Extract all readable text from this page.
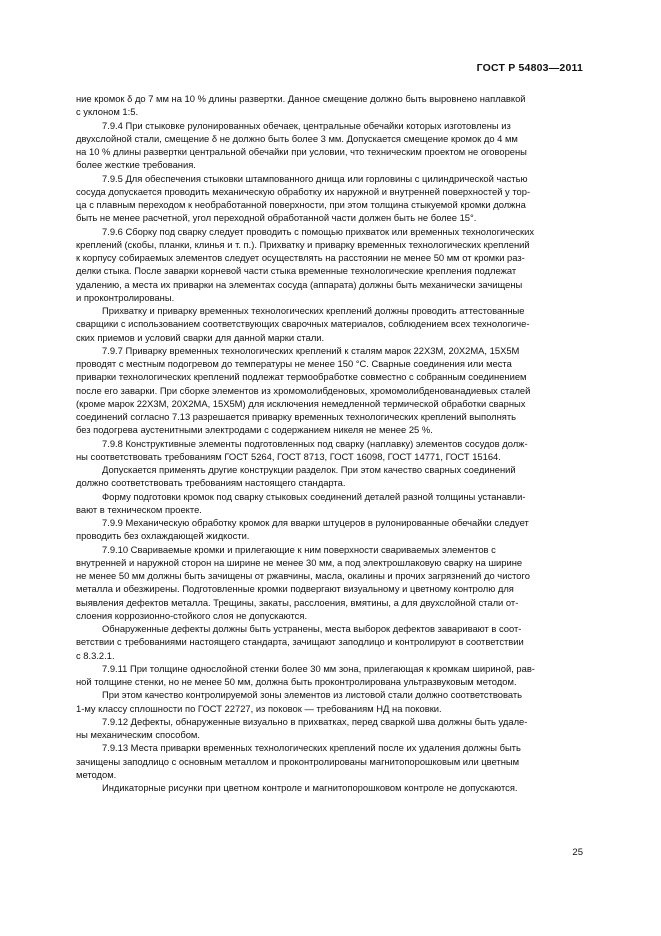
ГОСТ Р 54803—2011

ние кромок δ до 7 мм на 10 % длины развертки. Данное смещение должно быть выровнено наплавкой
с уклоном 1:5.

7.9.4 При стыковке рулонированных обечаек, центральные обечайки которых изготовлены из
двухслойной стали, смещение δ не должно быть более 3 мм. Допускается смещение кромок до 4 мм
на 10 % длины развертки центральной обечайки при условии, что техническим проектом не оговорены
более жесткие требования.

7.9.5 Для обеспечения стыковки штампованного днища или горловины с цилиндрической частью
сосуда допускается проводить механическую обработку их наружной и внутренней поверхностей у тор-
ца с плавным переходом к необработанной поверхности, при этом толщина стыкуемой кромки должна
быть не менее расчетной, угол переходной обработанной части должен быть не более 15°.

7.9.6 Сборку под сварку следует проводить с помощью прихваток или временных технологических
креплений (скобы, планки, клинья и т. п.). Прихватку и приварку временных технологических креплений
к корпусу собираемых элементов следует осуществлять на расстоянии не менее 50 мм от кромки раз-
делки стыка. После заварки корневой части стыка временные технологические крепления подлежат
удалению, а места их приварки на элементах сосуда (аппарата) должны быть механически зачищены
и проконтролированы.

Прихватку и приварку временных технологических креплений должны проводить аттестованные
сварщики с использованием соответствующих сварочных материалов, соблюдением всех технологиче-
ских приемов и условий сварки для данной марки стали.

7.9.7 Приварку временных технологических креплений к сталям марок 22Х3М, 20Х2МА, 15Х5М
проводят с местным подогревом до температуры не менее 150 °С. Сварные соединения или места
приварки технологических креплений подлежат термообработке совместно с собранным соединением
после его заварки. При сборке элементов из хромомолибденовых, хромомолибденованадиевых сталей
(кроме марок 22Х3М, 20Х2МА, 15Х5М) для исключения немедленной термической обработки сварных
соединений согласно 7.13 разрешается приварку временных технологических креплений выполнять
без подогрева аустенитными электродами с содержанием никеля не менее 25 %.

7.9.8 Конструктивные элементы подготовленных под сварку (наплавку) элементов сосудов долж-
ны соответствовать требованиям ГОСТ 5264, ГОСТ 8713, ГОСТ 16098, ГОСТ 14771, ГОСТ 15164.

Допускается применять другие конструкции разделок. При этом качество сварных соединений
должно соответствовать требованиям настоящего стандарта.

Форму подготовки кромок под сварку стыковых соединений деталей разной толщины устанавли-
вают в техническом проекте.

7.9.9 Механическую обработку кромок для вварки штуцеров в рулонированные обечайки следует
проводить без охлаждающей жидкости.

7.9.10 Свариваемые кромки и прилегающие к ним поверхности свариваемых элементов с
внутренней и наружной сторон на ширине не менее 30 мм, а под электрошлаковую сварку на ширине
не менее 50 мм должны быть зачищены от ржавчины, масла, окалины и прочих загрязнений до чистого
металла и обезжирены. Подготовленные кромки подвергают визуальному и цветному контролю для
выявления дефектов металла. Трещины, закаты, расслоения, вмятины, а для двухслойной стали от-
слоения коррозионно-стойкого слоя не допускаются.

Обнаруженные дефекты должны быть устранены, места выборок дефектов заваривают в соот-
ветствии с требованиями настоящего стандарта, зачищают заподлицо и контролируют в соответствии
с 8.3.2.1.

7.9.11 При толщине однослойной стенки более 30 мм зона, прилегающая к кромкам шириной, рав-
ной толщине стенки, но не менее 50 мм, должна быть проконтролирована ультразвуковым методом.

При этом качество контролируемой зоны элементов из листовой стали должно соответствовать
1-му классу сплошности по ГОСТ 22727, из поковок — требованиям НД на поковки.

7.9.12 Дефекты, обнаруженные визуально в прихватках, перед сваркой шва должны быть удале-
ны механическим способом.

7.9.13 Места приварки временных технологических креплений после их удаления должны быть
зачищены заподлицо с основным металлом и проконтролированы магнитопорошковым или цветным
методом.

Индикаторные рисунки при цветном контроле и магнитопорошковом контроле не допускаются.

25
